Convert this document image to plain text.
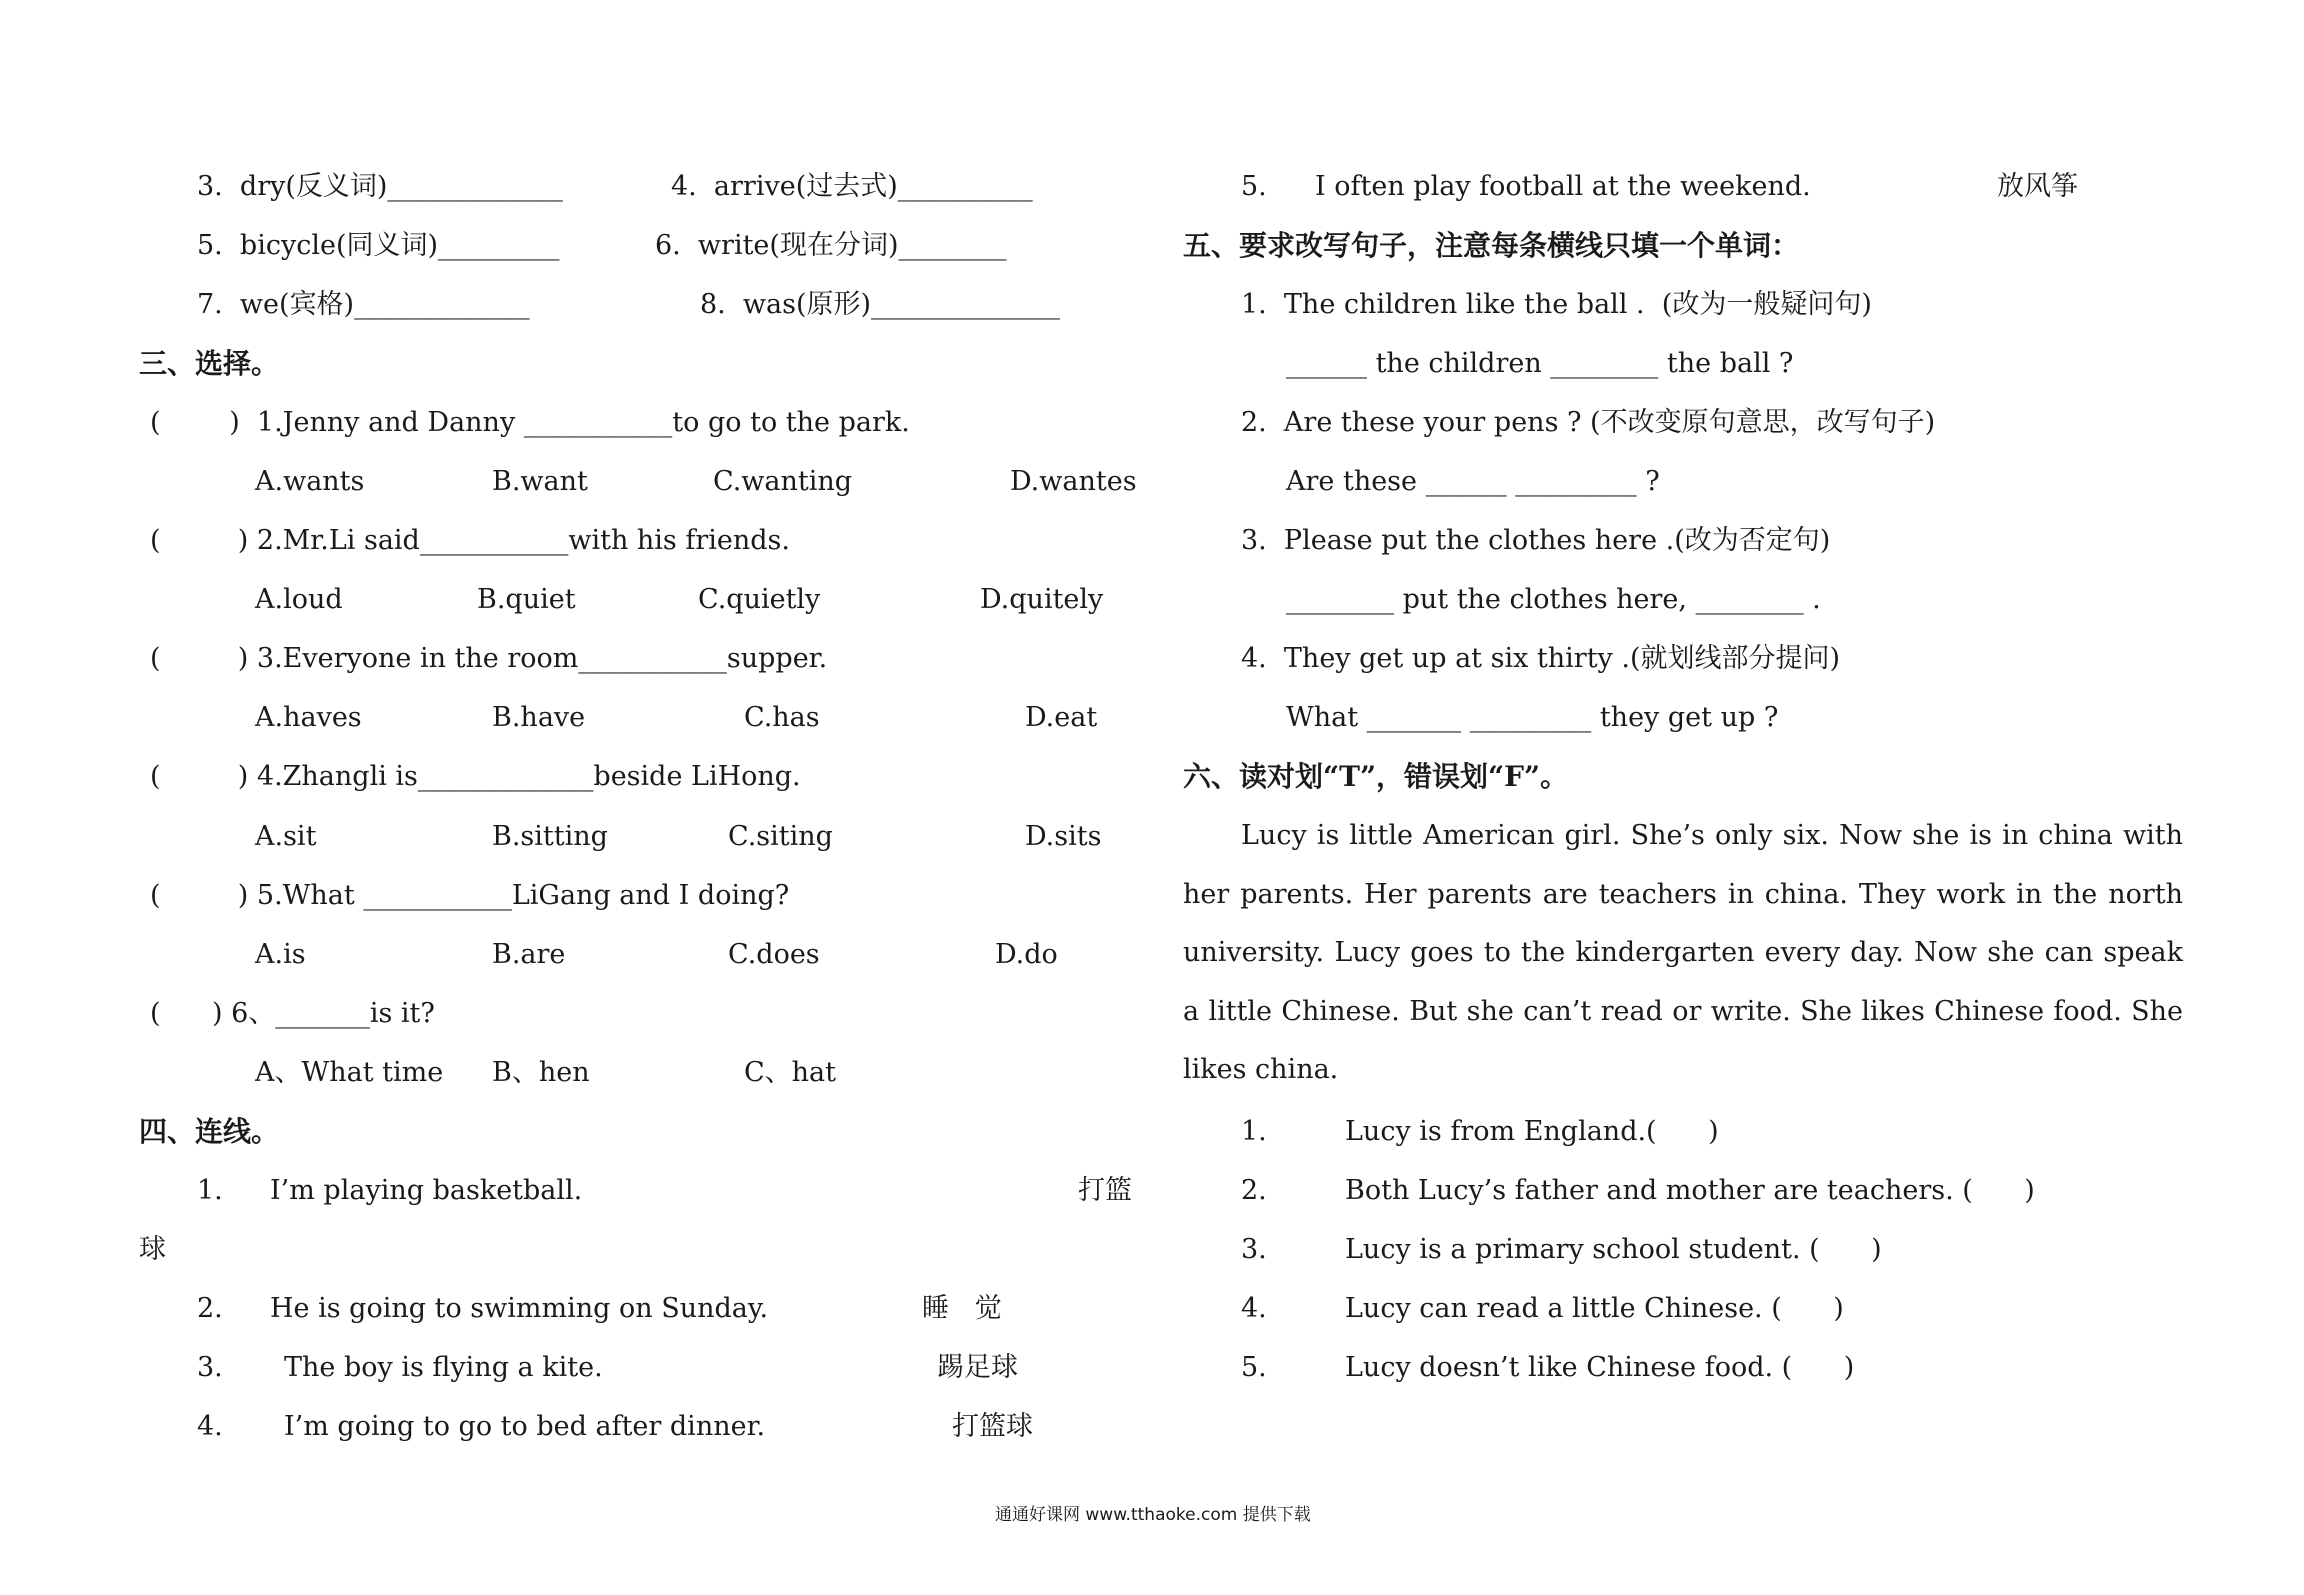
3.  dry(反义词)_____________	4.  arrive(过去式)__________
5.  bicycle(同义词)_________	6.  write(现在分词)________
7.  we(宾格)_____________	8.  was(原形)______________
三、选择。
(        )  1.Jenny and Danny ___________to go to the park.
A.wants	B.want	C.wanting	D.wantes
(         ) 2.Mr.Li said___________with his friends.
A.loud	B.quiet	C.quietly	D.quitely
(         ) 3.Everyone in the room___________supper.
A.haves	B.have	C.has	D.eat
(         ) 4.Zhangli is_____________beside LiHong.
A.sit	B.sitting	C.siting	D.sits
(         ) 5.What ___________LiGang and I doing?
A.is	B.are	C.does	D.do
(      ) 6、_______is it?
A、What time B、hen	C、hat
四、连线。
1. I’m playing basketball.	打篮
球
2. He is going to swimming on Sunday.	睡   觉
3. The boy is flying a kite.	踢足球
4. I’m going to go to bed after dinner.	打篮球
5. I often play football at the weekend.	放风筝
五、要求改写句子，注意每条横线只填一个单词：
1.  The children like the ball .  (改为一般疑问句)
______ the children ________ the ball ?
2.  Are these your pens ? (不改变原句意思，改写句子)
Are these ______ _________ ?
3.  Please put the clothes here .(改为否定句)
________ put the clothes here, ________ .
4.  They get up at six thirty .(就划线部分提问)
What _______ _________ they get up ?
六、读对划“T”，错误划“F”。
Lucy is little American girl. She’s only six. Now she is in china with her parents. Her parents are teachers in china. They work in the north university. Lucy goes to the kindergarten every day. Now she can speak a little Chinese. But she can’t read or write. She likes Chinese food. She likes china.
1.	Lucy is from England.(      )
2.	Both Lucy’s father and mother are teachers. (      )
3.	Lucy is a primary school student. (      )
4.	Lucy can read a little Chinese. (      )
5.	Lucy doesn’t like Chinese food. (      )
通通好课网 www.tthaoke.com 提供下载
